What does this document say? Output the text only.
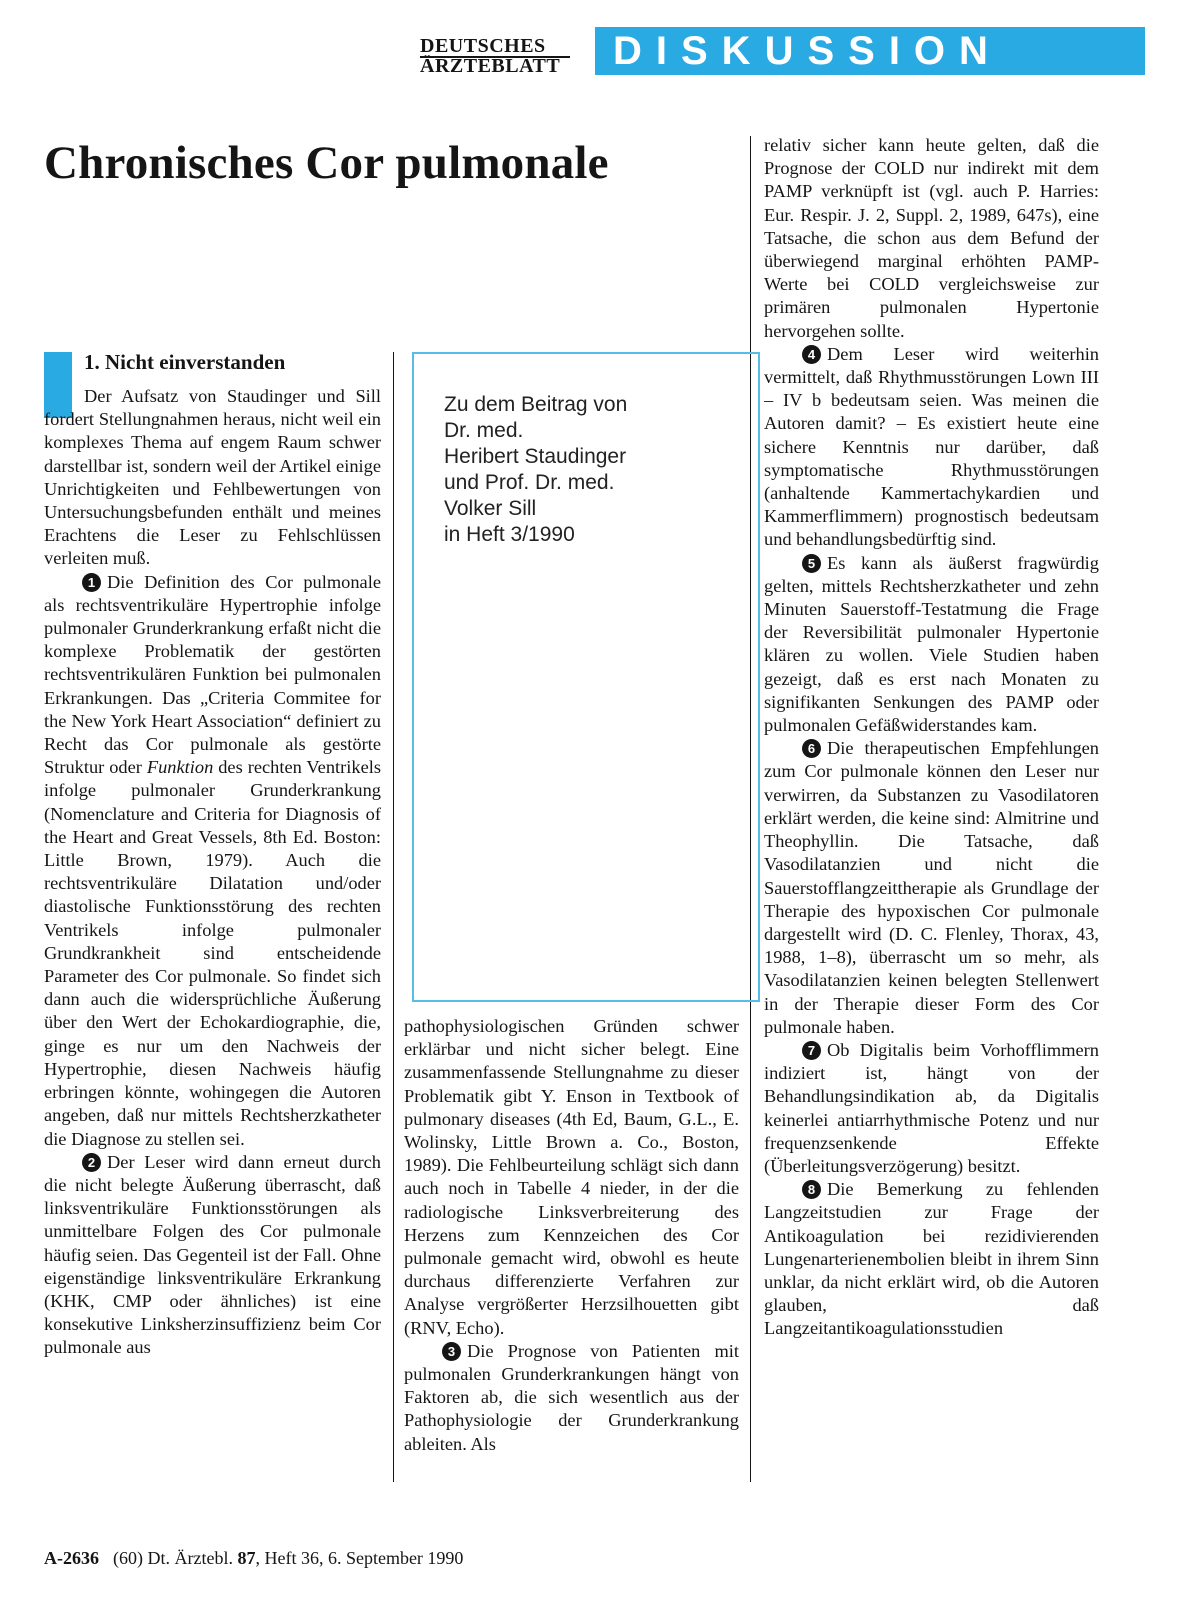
DEUTSCHES
ÄRZTEBLATT	DISKUSSION
Chronisches Cor pulmonale
1. Nicht einverstanden

Der Aufsatz von Staudinger und Sill fordert Stellungnahmen heraus, nicht weil ein komplexes Thema auf engem Raum schwer darstellbar ist, sondern weil der Artikel einige Unrichtigkeiten und Fehlbewertungen von Untersuchungsbefunden enthält und meines Erachtens die Leser zu Fehlschlüssen verleiten muß.

1 Die Definition des Cor pulmonale als rechtsventrikuläre Hypertrophie infolge pulmonaler Grunderkrankung erfaßt nicht die komplexe Problematik der gestörten rechtsventrikulären Funktion bei pulmonalen Erkrankungen. Das „Criteria Commitee for the New York Heart Association“ definiert zu Recht das Cor pulmonale als gestörte Struktur oder Funktion des rechten Ventrikels infolge pulmonaler Grunderkrankung (Nomenclature and Criteria for Diagnosis of the Heart and Great Vessels, 8th Ed. Boston: Little Brown, 1979). Auch die rechtsventrikuläre Dilatation und/oder diastolische Funktionsstörung des rechten Ventrikels infolge pulmonaler Grundkrankheit sind entscheidende Parameter des Cor pulmonale. So findet sich dann auch die widersprüchliche Äußerung über den Wert der Echokardiographie, die, ginge es nur um den Nachweis der Hypertrophie, diesen Nachweis häufig erbringen könnte, wohingegen die Autoren angeben, daß nur mittels Rechtsherzkatheter die Diagnose zu stellen sei.

2 Der Leser wird dann erneut durch die nicht belegte Äußerung überrascht, daß linksventrikuläre Funktionsstörungen als unmittelbare Folgen des Cor pulmonale häufig seien. Das Gegenteil ist der Fall. Ohne eigenständige linksventrikuläre Erkrankung (KHK, CMP oder ähnliches) ist eine konsekutive Linksherzinsuffizienz beim Cor pulmonale aus

Zu dem Beitrag von
Dr. med.
Heribert Staudinger
und Prof. Dr. med.
Volker Sill
in Heft 3/1990

pathophysiologischen Gründen schwer erklärbar und nicht sicher belegt. Eine zusammenfassende Stellungnahme zu dieser Problematik gibt Y. Enson in Textbook of pulmonary diseases (4th Ed, Baum, G.L., E. Wolinsky, Little Brown a. Co., Boston, 1989). Die Fehlbeurteilung schlägt sich dann auch noch in Tabelle 4 nieder, in der die radiologische Linksverbreiterung des Herzens zum Kennzeichen des Cor pulmonale gemacht wird, obwohl es heute durchaus differenzierte Verfahren zur Analyse vergrößerter Herzsilhouetten gibt (RNV, Echo).

3 Die Prognose von Patienten mit pulmonalen Grunderkrankungen hängt von Faktoren ab, die sich wesentlich aus der Pathophysiologie der Grunderkrankung ableiten. Als

relativ sicher kann heute gelten, daß die Prognose der COLD nur indirekt mit dem PAMP verknüpft ist (vgl. auch P. Harries: Eur. Respir. J. 2, Suppl. 2, 1989, 647s), eine Tatsache, die schon aus dem Befund der überwiegend marginal erhöhten PAMP-Werte bei COLD vergleichsweise zur primären pulmonalen Hypertonie hervorgehen sollte.

4 Dem Leser wird weiterhin vermittelt, daß Rhythmusstörungen Lown III – IV b bedeutsam seien. Was meinen die Autoren damit? – Es existiert heute eine sichere Kenntnis nur darüber, daß symptomatische Rhythmusstörungen (anhaltende Kammertachykardien und Kammerflimmern) prognostisch bedeutsam und behandlungsbedürftig sind.

5 Es kann als äußerst fragwürdig gelten, mittels Rechtsherzkatheter und zehn Minuten Sauerstoff-Testatmung die Frage der Reversibilität pulmonaler Hypertonie klären zu wollen. Viele Studien haben gezeigt, daß es erst nach Monaten zu signifikanten Senkungen des PAMP oder pulmonalen Gefäßwiderstandes kam.

6 Die therapeutischen Empfehlungen zum Cor pulmonale können den Leser nur verwirren, da Substanzen zu Vasodilatoren erklärt werden, die keine sind: Almitrine und Theophyllin. Die Tatsache, daß Vasodilatanzien und nicht die Sauerstofflangzeittherapie als Grundlage der Therapie des hypoxischen Cor pulmonale dargestellt wird (D. C. Flenley, Thorax, 43, 1988, 1–8), überrascht um so mehr, als Vasodilatanzien keinen belegten Stellenwert in der Therapie dieser Form des Cor pulmonale haben.

7 Ob Digitalis beim Vorhofflimmern indiziert ist, hängt von der Behandlungsindikation ab, da Digitalis keinerlei antiarrhythmische Potenz und nur frequenzsenkende Effekte (Überleitungsverzögerung) besitzt.

8 Die Bemerkung zu fehlenden Langzeitstudien zur Frage der Antikoagulation bei rezidivierenden Lungenarterienembolien bleibt in ihrem Sinn unklar, da nicht erklärt wird, ob die Autoren glauben, daß Langzeitantikoagulationsstudien

A-2636 (60) Dt. Ärztebl. 87, Heft 36, 6. September 1990
